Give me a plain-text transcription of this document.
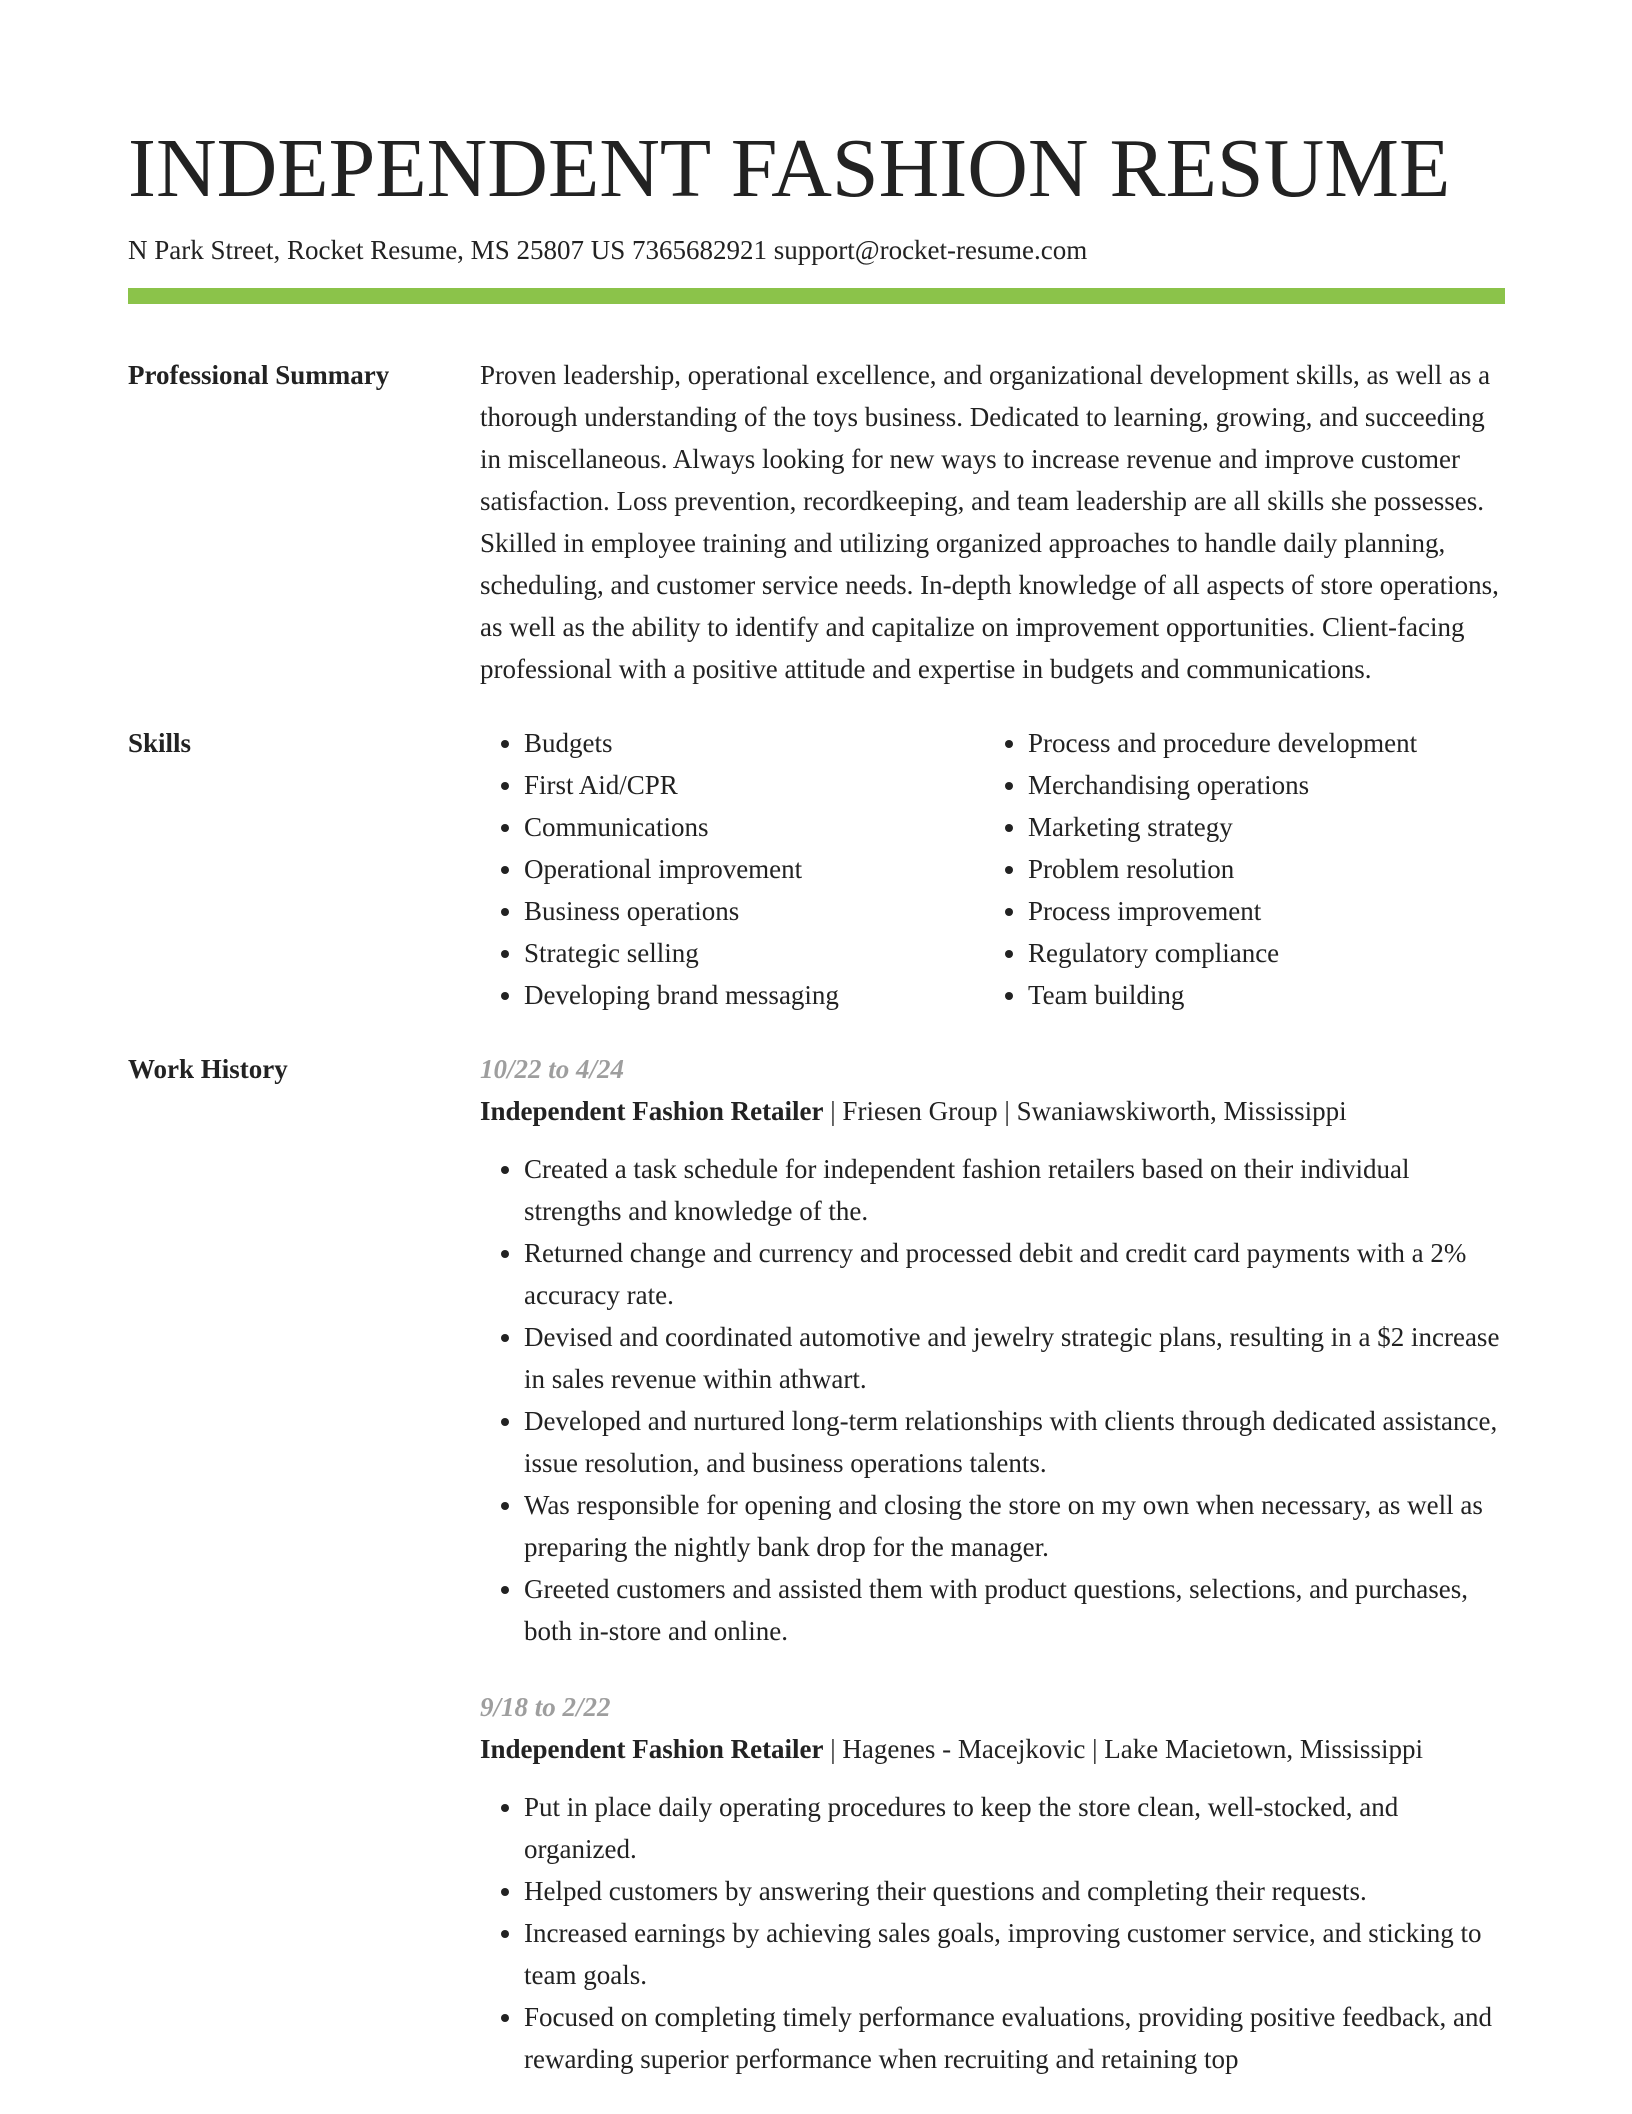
INDEPENDENT FASHION RESUME
N Park Street, Rocket Resume, MS 25807 US 7365682921 support@rocket-resume.com
Professional Summary	Proven leadership, operational excellence, and organizational development skills, as well as a thorough understanding of the toys business. Dedicated to learning, growing, and succeeding in miscellaneous. Always looking for new ways to increase revenue and improve customer satisfaction. Loss prevention, recordkeeping, and team leadership are all skills she possesses. Skilled in employee training and utilizing organized approaches to handle daily planning, scheduling, and customer service needs. In-depth knowledge of all aspects of store operations, as well as the ability to identify and capitalize on improvement opportunities. Client-facing professional with a positive attitude and expertise in budgets and communications.
Skills
•	Budgets
• First Aid/CPR
• Communications
• Operational improvement
• Business operations
• Strategic selling
• Developing brand messaging
• Process and procedure development
• Merchandising operations
• Marketing strategy
• Problem resolution
• Process improvement
• Regulatory compliance
• Team building
Work History	10/22 to 4/24
Independent Fashion Retailer | Friesen Group | Swaniawskiworth, Mississippi
• Created a task schedule for independent fashion retailers based on their individual strengths and knowledge of the.
• Returned change and currency and processed debit and credit card payments with a 2% accuracy rate.
• Devised and coordinated automotive and jewelry strategic plans, resulting in a $2 increase in sales revenue within athwart.
• Developed and nurtured long-term relationships with clients through dedicated assistance, issue resolution, and business operations talents.
• Was responsible for opening and closing the store on my own when necessary, as well as preparing the nightly bank drop for the manager.
• Greeted customers and assisted them with product questions, selections, and purchases, both in-store and online.
9/18 to 2/22
Independent Fashion Retailer | Hagenes - Macejkovic | Lake Macietown, Mississippi
• Put in place daily operating procedures to keep the store clean, well-stocked, and organized.
• Helped customers by answering their questions and completing their requests.
• Increased earnings by achieving sales goals, improving customer service, and sticking to team goals.
• Focused on completing timely performance evaluations, providing positive feedback, and rewarding superior performance when recruiting and retaining top
